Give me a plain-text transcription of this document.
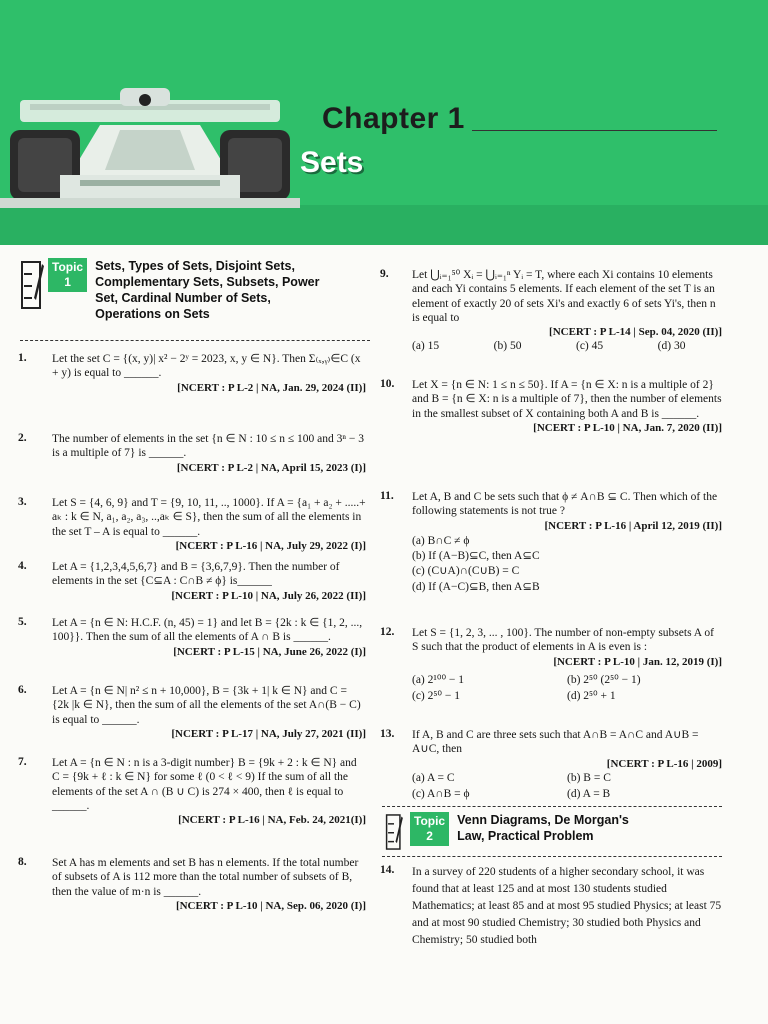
Chapter 1
Sets
Topic
1
Sets, Types of Sets, Disjoint Sets, Complementary Sets, Subsets, Power Set, Cardinal Number of Sets, Operations on Sets
1. Let the set C = {(x, y)| x² − 2ʸ = 2023, x, y ∈ N}. Then Σ₍ₓ,ᵧ₎∈C (x + y) is equal to ______.
[NCERT : P L-2 | NA, Jan. 29, 2024 (II)]
2. The number of elements in the set {n ∈ N : 10 ≤ n ≤ 100 and 3ⁿ − 3 is a multiple of 7} is ______.
[NCERT : P L-2 | NA, April 15, 2023 (I)]
3. Let S = {4, 6, 9} and T = {9, 10, 11, .., 1000}. If A = {a₁ + a₂ + .....+ aₖ : k ∈ N, a₁, a₂, a₃, ..,aₖ ∈ S}, then the sum of all the elements in the set T – A is equal to ______.
[NCERT : P L-16 | NA, July 29, 2022 (I)]
4. Let A = {1,2,3,4,5,6,7} and B = {3,6,7,9}. Then the number of elements in the set {C⊆A : C∩B ≠ ϕ} is______
[NCERT : P L-10 | NA, July 26, 2022 (II)]
5. Let A = {n ∈ N: H.C.F. (n, 45) = 1} and let B = {2k : k ∈ {1, 2, ..., 100}}. Then the sum of all the elements of A ∩ B is ______.
[NCERT : P L-15 | NA, June 26, 2022 (I)]
6. Let A = {n ∈ N| n² ≤ n + 10,000}, B = {3k + 1| k ∈ N} and C = {2k |k ∈ N}, then the sum of all the elements of the set A∩(B − C) is equal to ______.
[NCERT : P L-17 | NA, July 27, 2021 (II)]
7. Let A = {n ∈ N : n is a 3-digit number} B = {9k + 2 : k ∈ N} and C = {9k + ℓ : k ∈ N} for some ℓ (0 < ℓ < 9) If the sum of all the elements of the set A ∩ (B ∪ C) is 274 × 400, then ℓ is equal to ______.
[NCERT : P L-16 | NA, Feb. 24, 2021(I)]
8. Set A has m elements and set B has n elements. If the total number of subsets of A is 112 more than the total number of subsets of B, then the value of m·n is ______.
[NCERT : P L-10 | NA, Sep. 06, 2020 (I)]
9. Let ⋃ᵢ₌₁⁵⁰ Xᵢ = ⋃ᵢ₌₁ⁿ Yᵢ = T, where each Xi contains 10 elements and each Yi contains 5 elements. If each element of the set T is an element of exactly 20 of sets Xi's and exactly 6 of sets Yi's, then n is equal to
[NCERT : P L-14 | Sep. 04, 2020 (II)]
(a) 15	(b) 50	(c) 45	(d) 30
10. Let X = {n ∈ N: 1 ≤ n ≤ 50}. If A = {n ∈ X: n is a multiple of 2} and B = {n ∈ X: n is a multiple of 7}, then the number of elements in the smallest subset of X containing both A and B is ______.
[NCERT : P L-10 | NA, Jan. 7, 2020 (II)]
11. Let A, B and C be sets such that ϕ ≠ A∩B ⊆ C. Then which of the following statements is not true ?
[NCERT : P L-16 | April 12, 2019 (II)]
(a) B∩C ≠ ϕ
(b) If (A−B)⊆C, then A⊆C
(c) (C∪A)∩(C∪B) = C
(d) If (A−C)⊆B, then A⊆B
12. Let S = {1, 2, 3, ... , 100}. The number of non-empty subsets A of S such that the product of elements in A is even is :
[NCERT : P L-10 | Jan. 12, 2019 (I)]
(a) 2¹⁰⁰ − 1	(b) 2⁵⁰ (2⁵⁰ − 1)
(c) 2⁵⁰ − 1	(d) 2⁵⁰ + 1
13. If A, B and C are three sets such that A∩B = A∩C and A∪B = A∪C, then
[NCERT : P L-16 | 2009]
(a) A = C	(b) B = C
(c) A∩B = ϕ	(d) A = B
Topic
2
Venn Diagrams, De Morgan's Law, Practical Problem
14. In a survey of 220 students of a higher secondary school, it was found that at least 125 and at most 130 students studied Mathematics; at least 85 and at most 95 studied Physics; at least 75 and at most 90 studied Chemistry; 30 studied both Physics and Chemistry; 50 studied both
